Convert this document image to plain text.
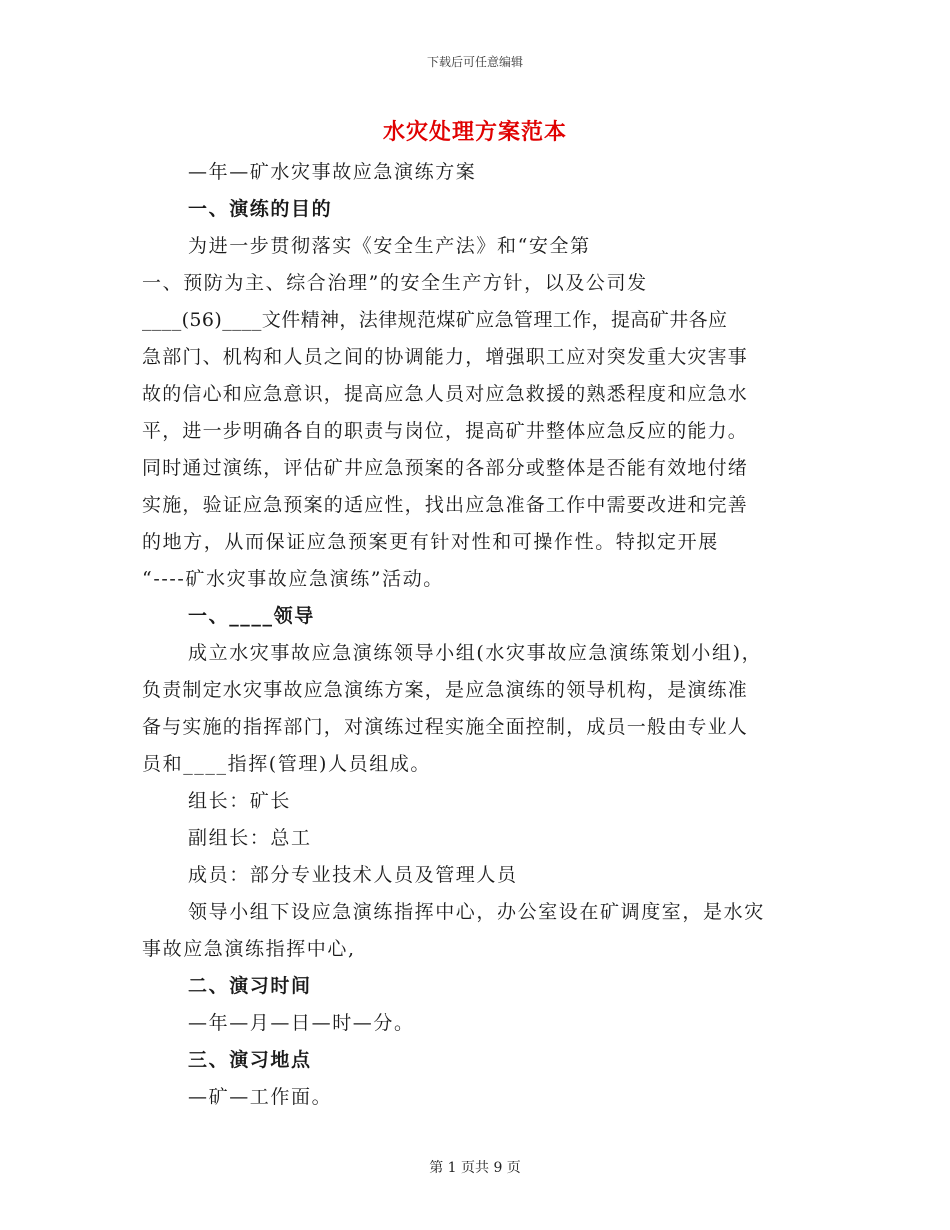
下载后可任意编辑
水灾处理方案范本
—年—矿水灾事故应急演练方案
一、演练的目的
为进一步贯彻落实《安全生产法》和“安全第
一、预防为主、综合治理”的安全生产方针，以及公司发
____(56)____文件精神，法律规范煤矿应急管理工作，提高矿井各应
急部门、机构和人员之间的协调能力，增强职工应对突发重大灾害事
故的信心和应急意识，提高应急人员对应急救援的熟悉程度和应急水
平，进一步明确各自的职责与岗位，提高矿井整体应急反应的能力。
同时通过演练，评估矿井应急预案的各部分或整体是否能有效地付绪
实施，验证应急预案的适应性，找出应急准备工作中需要改进和完善
的地方，从而保证应急预案更有针对性和可操作性。特拟定开展
“----矿水灾事故应急演练”活动。
一、____领导
成立水灾事故应急演练领导小组(水灾事故应急演练策划小组)，
负责制定水灾事故应急演练方案，是应急演练的领导机构，是演练准
备与实施的指挥部门，对演练过程实施全面控制，成员一般由专业人
员和____指挥(管理)人员组成。
组长：矿长
副组长：总工
成员：部分专业技术人员及管理人员
领导小组下设应急演练指挥中心，办公室设在矿调度室，是水灾
事故应急演练指挥中心,
二、演习时间
—年—月—日—时—分。
三、演习地点
—矿—工作面。
第 1 页共 9 页
